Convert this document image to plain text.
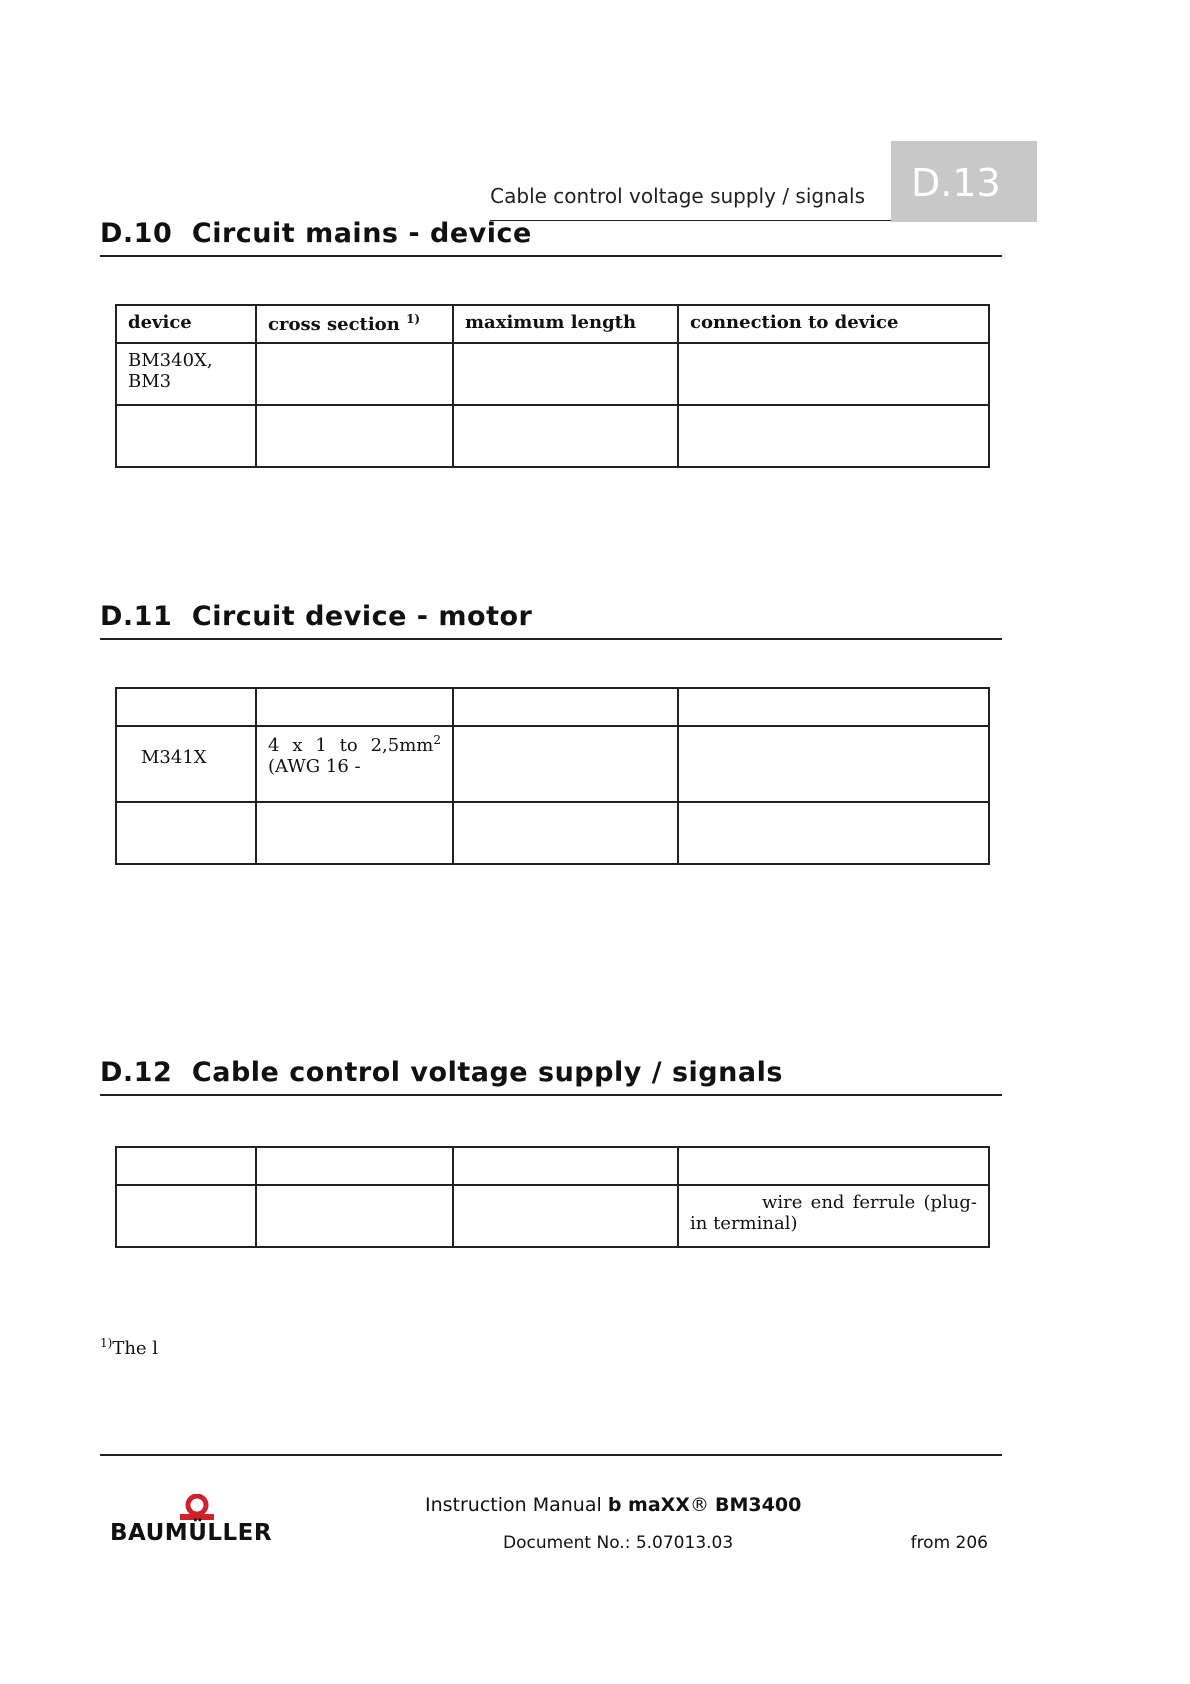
Cable control voltage supply / signals D.13
D.10 Circuit mains - device
device	cross section $^{1)}$	maximum length	connection to device

BM340X, BM3			

D.11 Circuit device - motor

M341X	4 x 1 to $2,5mm^2$
(AWG 16 -		

D.12 Cable control voltage supply / signals

			wire end ferrule (plug-in terminal)
$^{1)}$The l
BAUMÜLLER
Instruction Manual b maXX® BM3400
Document No.: 5.07013.03	from 206
